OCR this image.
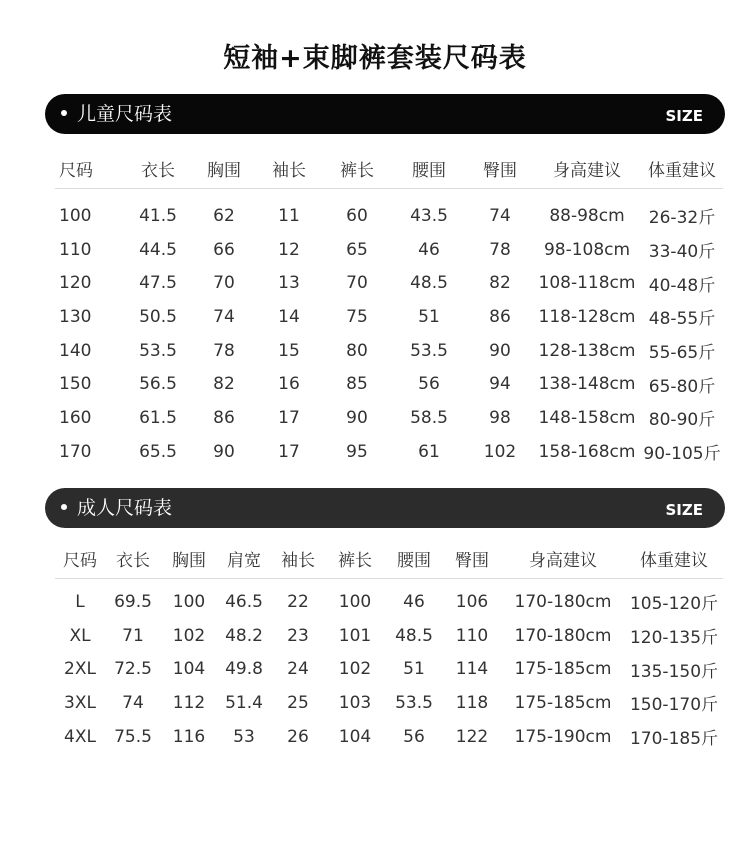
短袖+束脚裤套装尺码表
儿童尺码表	SIZE
尺码	衣长	胸围	袖长	裤长	腰围	臀围	身高建议	体重建议
100	41.5	62	11	60	43.5	74	88-98cm	26-32斤
110	44.5	66	12	65	46	78	98-108cm	33-40斤
120	47.5	70	13	70	48.5	82	108-118cm	40-48斤
130	50.5	74	14	75	51	86	118-128cm	48-55斤
140	53.5	78	15	80	53.5	90	128-138cm	55-65斤
150	56.5	82	16	85	56	94	138-148cm	65-80斤
160	61.5	86	17	90	58.5	98	148-158cm	80-90斤
170	65.5	90	17	95	61	102	158-168cm	90-105斤
成人尺码表	SIZE
尺码	衣长	胸围	肩宽	袖长	裤长	腰围	臀围	身高建议	体重建议
L	69.5	100	46.5	22	100	46	106	170-180cm	105-120斤
XL	71	102	48.2	23	101	48.5	110	170-180cm	120-135斤
2XL	72.5	104	49.8	24	102	51	114	175-185cm	135-150斤
3XL	74	112	51.4	25	103	53.5	118	175-185cm	150-170斤
4XL	75.5	116	53	26	104	56	122	175-190cm	170-185斤
